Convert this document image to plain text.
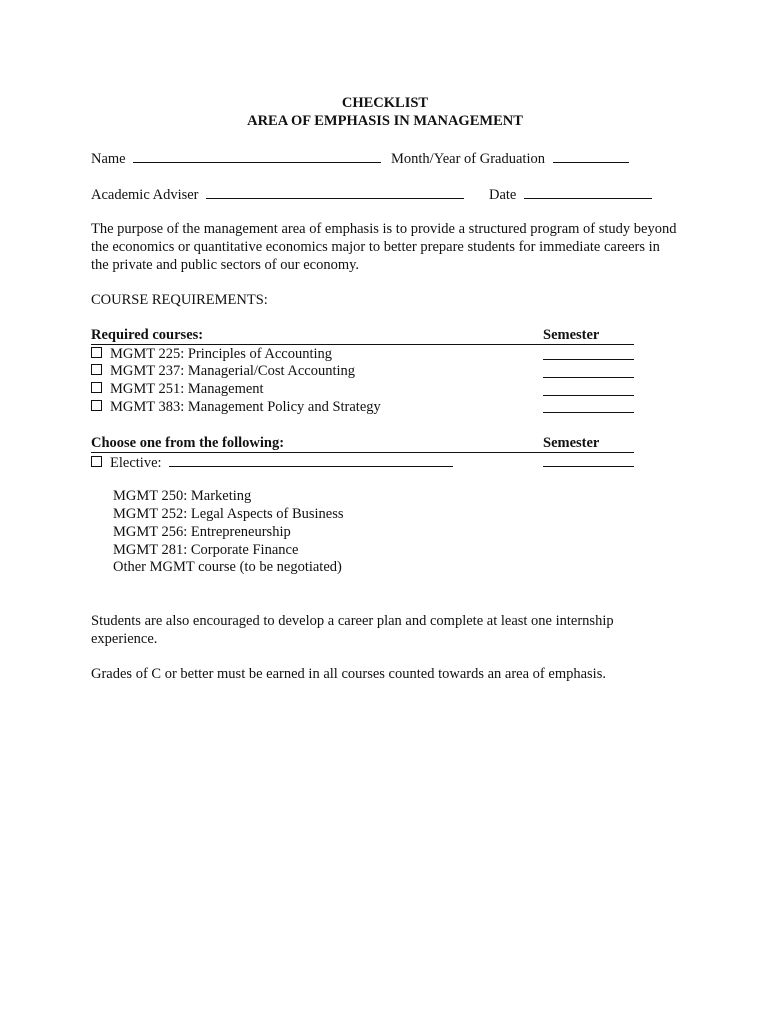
CHECKLIST
AREA OF EMPHASIS IN MANAGEMENT
Name	Month/Year of Graduation
Academic Adviser	Date
The purpose of the management area of emphasis is to provide a structured program of study beyond the economics or quantitative economics major to better prepare students for immediate careers in the private and public sectors of our economy.
COURSE REQUIREMENTS:
Required courses:	Semester
MGMT 225: Principles of Accounting
MGMT 237: Managerial/Cost Accounting
MGMT 251: Management
MGMT 383: Management Policy and Strategy
Choose one from the following:	Semester
Elective:
MGMT 250: Marketing
MGMT 252: Legal Aspects of Business
MGMT 256: Entrepreneurship
MGMT 281: Corporate Finance
Other MGMT course (to be negotiated)
Students are also encouraged to develop a career plan and complete at least one internship experience.
Grades of C or better must be earned in all courses counted towards an area of emphasis.
